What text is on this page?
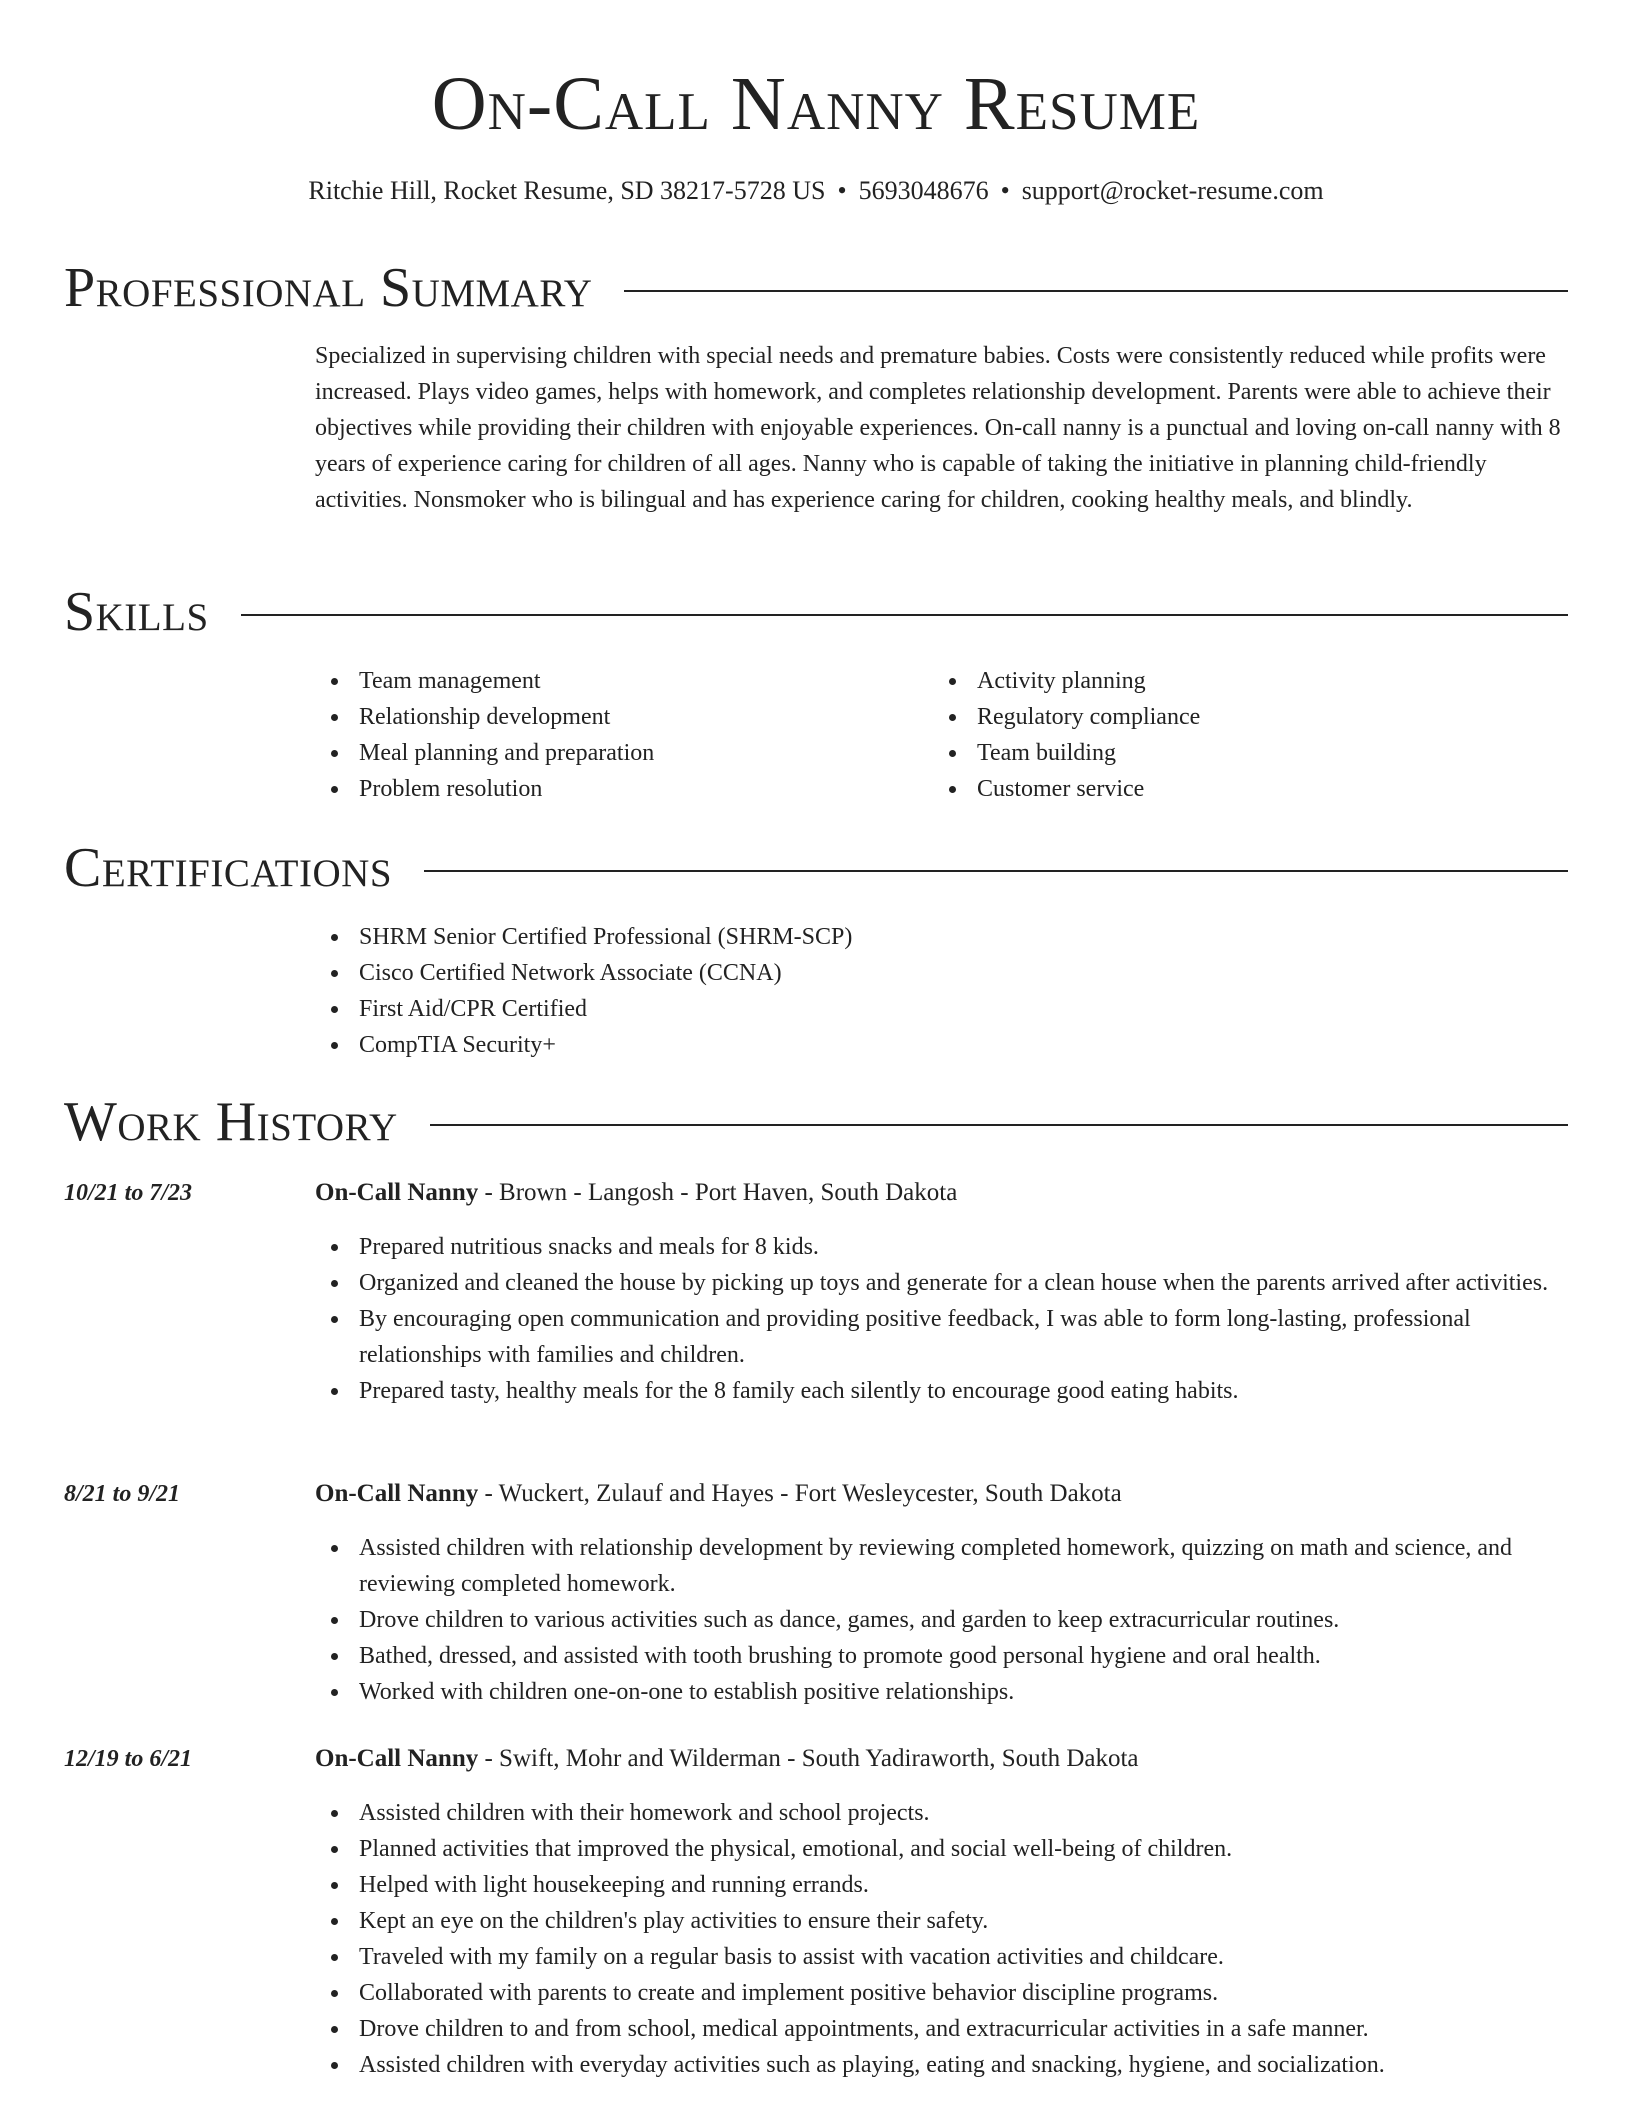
On-Call Nanny Resume
Ritchie Hill, Rocket Resume, SD 38217-5728 US • 5693048676 • support@rocket-resume.com
Professional Summary

Specialized in supervising children with special needs and premature babies. Costs were consistently reduced while profits were increased. Plays video games, helps with homework, and completes relationship development. Parents were able to achieve their objectives while providing their children with enjoyable experiences. On-call nanny is a punctual and loving on-call nanny with 8 years of experience caring for children of all ages. Nanny who is capable of taking the initiative in planning child-friendly activities. Nonsmoker who is bilingual and has experience caring for children, cooking healthy meals, and blindly.

Skills
Team management
Relationship development
Meal planning and preparation
Problem resolution
Activity planning
Regulatory compliance
Team building
Customer service
Certifications
SHRM Senior Certified Professional (SHRM-SCP)
Cisco Certified Network Associate (CCNA)
First Aid/CPR Certified
CompTIA Security+
Work History
10/21 to 7/23	On-Call Nanny - Brown - Langosh - Port Haven, South Dakota
Prepared nutritious snacks and meals for 8 kids.
Organized and cleaned the house by picking up toys and generate for a clean house when the parents arrived after activities.
By encouraging open communication and providing positive feedback, I was able to form long-lasting, professional relationships with families and children.
Prepared tasty, healthy meals for the 8 family each silently to encourage good eating habits.
8/21 to 9/21	On-Call Nanny - Wuckert, Zulauf and Hayes - Fort Wesleycester, South Dakota
Assisted children with relationship development by reviewing completed homework, quizzing on math and science, and reviewing completed homework.
Drove children to various activities such as dance, games, and garden to keep extracurricular routines.
Bathed, dressed, and assisted with tooth brushing to promote good personal hygiene and oral health.
Worked with children one-on-one to establish positive relationships.
12/19 to 6/21	On-Call Nanny - Swift, Mohr and Wilderman - South Yadiraworth, South Dakota
Assisted children with their homework and school projects.
Planned activities that improved the physical, emotional, and social well-being of children.
Helped with light housekeeping and running errands.
Kept an eye on the children's play activities to ensure their safety.
Traveled with my family on a regular basis to assist with vacation activities and childcare.
Collaborated with parents to create and implement positive behavior discipline programs.
Drove children to and from school, medical appointments, and extracurricular activities in a safe manner.
Assisted children with everyday activities such as playing, eating and snacking, hygiene, and socialization.
